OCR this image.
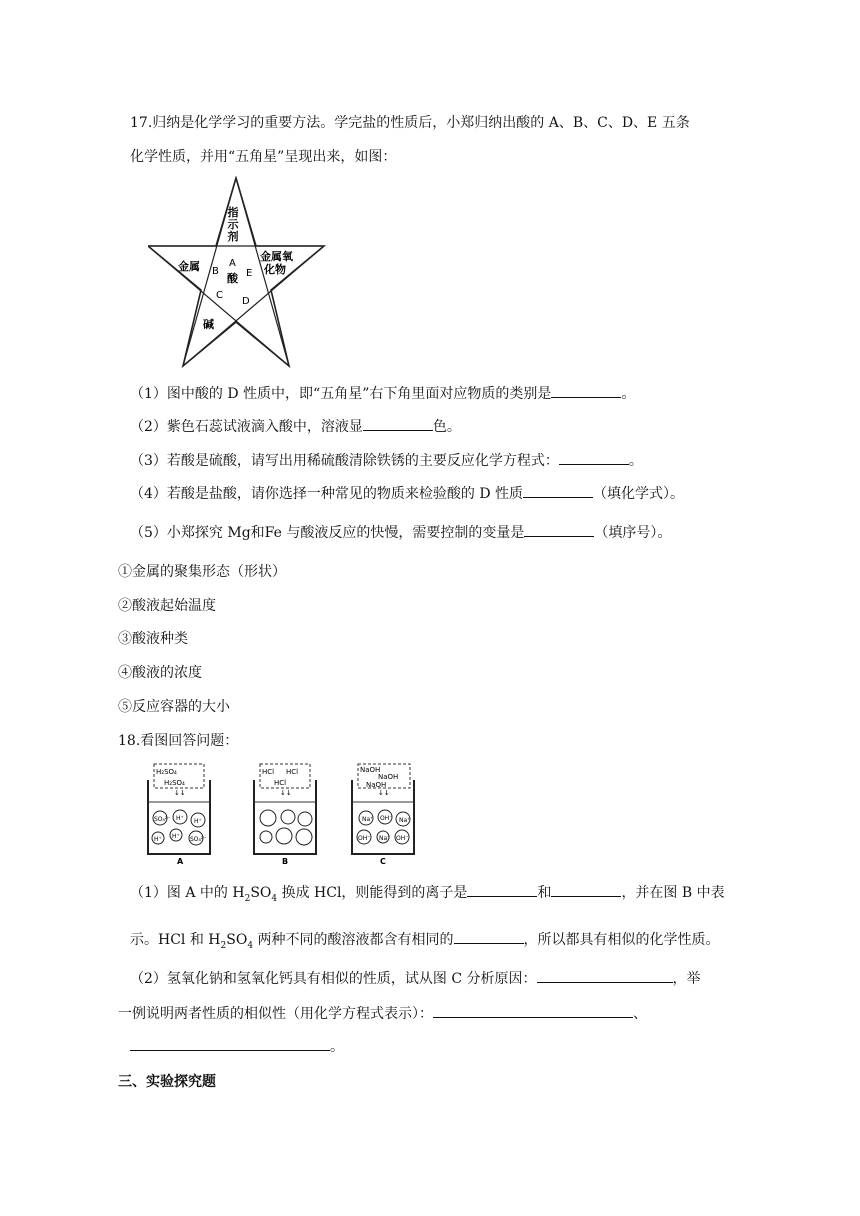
17.归纳是化学学习的重要方法。学完盐的性质后，小郑归纳出酸的 A、B、C、D、E 五条
化学性质，并用“五角星”呈现出来，如图：
指示剂
金属
金属氧化物
碱
酸
A
B
C
D
E
（1）图中酸的 D 性质中，即“五角星”右下角里面对应物质的类别是	。
（2）紫色石蕊试液滴入酸中，溶液显	色。
（3）若酸是硫酸，请写出用稀硫酸清除铁锈的主要反应化学方程式：	。
（4）若酸是盐酸，请你选择一种常见的物质来检验酸的 D 性质	（填化学式）。
（5）小郑探究 Mg和Fe 与酸液反应的快慢，需要控制的变量是	（填序号）。
①金属的聚集形态（形状）
②酸液起始温度
③酸液种类
④酸液的浓度
⑤反应容器的大小
18.看图回答问题：
H₂SO₄
H₂SO₄
↓↓
SO₄²⁻ H⁺ H⁺
SO₄²⁻
H⁺
H⁺
A
HCl HCl
HCl
↓↓
B
NaOH
NaOH
NaOH
↓↓
Na⁺ OH⁻ Na⁺
OH⁻ Na⁺ OH⁻
C
（1）图 A 中的 $H_2SO_4$ 换成 HCl，则能得到的离子是	和	，并在图 B 中表
示。HCl 和 $H_2SO_4$ 两种不同的酸溶液都含有相同的	，所以都具有相似的化学性质。
（2）氢氧化钠和氢氧化钙具有相似的性质，试从图 C 分析原因：	，举
一例说明两者性质的相似性（用化学方程式表示）：	、
。
三、实验探究题
